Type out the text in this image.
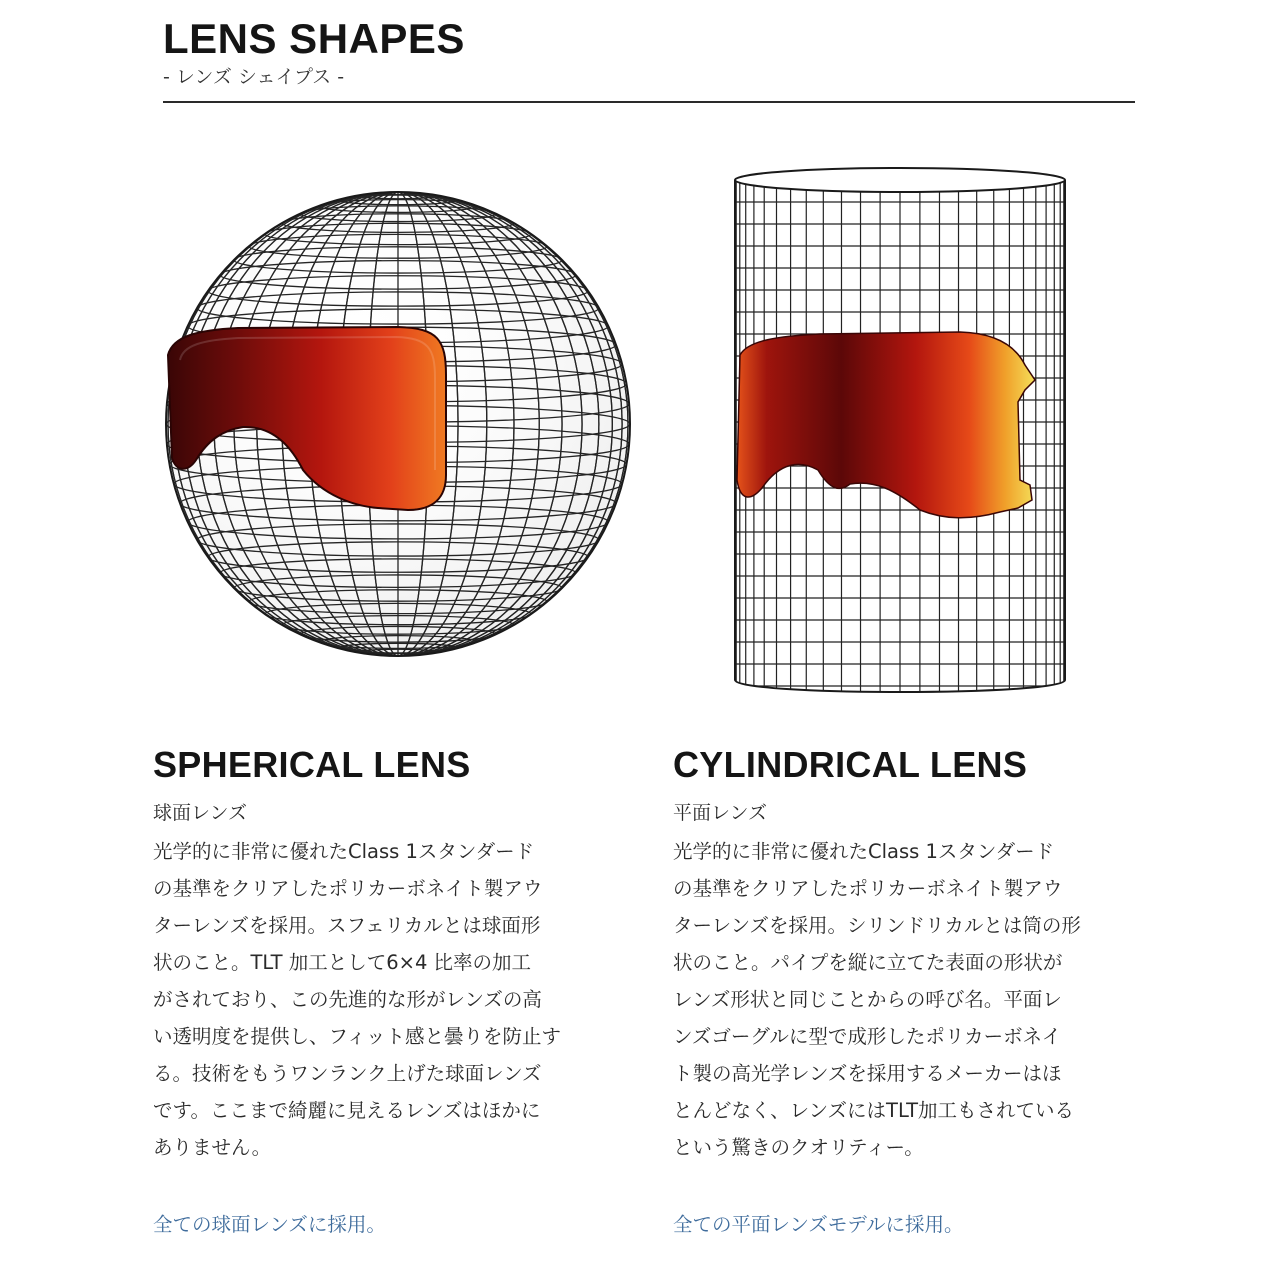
LENS SHAPES
- レンズ シェイプス -
SPHERICAL LENS
球面レンズ
光学的に非常に優れたClass 1スタンダード
の基準をクリアしたポリカーボネイト製アウ
ターレンズを採用。スフェリカルとは球面形
状のこと。TLT 加工として6×4 比率の加工
がされており、この先進的な形がレンズの高
い透明度を提供し、フィット感と曇りを防止す
る。技術をもうワンランク上げた球面レンズ
です。ここまで綺麗に見えるレンズはほかに
ありません。
全ての球面レンズに採用。
CYLINDRICAL LENS
平面レンズ
光学的に非常に優れたClass 1スタンダード
の基準をクリアしたポリカーボネイト製アウ
ターレンズを採用。シリンドリカルとは筒の形
状のこと。パイプを縦に立てた表面の形状が
レンズ形状と同じことからの呼び名。平面レ
ンズゴーグルに型で成形したポリカーボネイ
ト製の高光学レンズを採用するメーカーはほ
とんどなく、レンズにはTLT加工もされている
という驚きのクオリティー。
全ての平面レンズモデルに採用。
